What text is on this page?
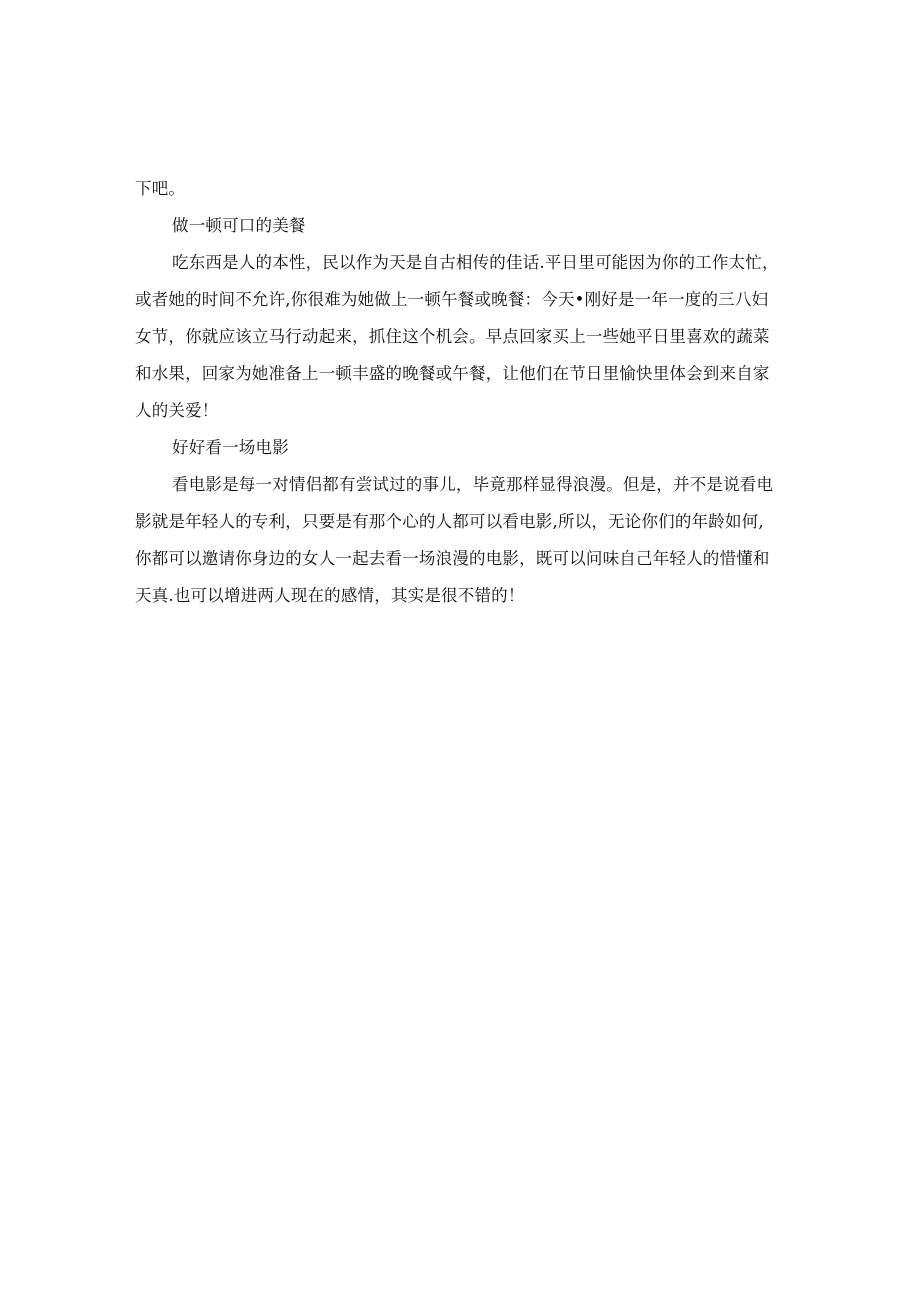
下吧。
做一顿可口的美餐
吃东西是人的本性，民以作为天是自古相传的佳话.平日里可能因为你的工作太忙，
或者她的时间不允许,你很难为她做上一顿午餐或晚餐：今天•刚好是一年一度的三八妇
女节，你就应该立马行动起来，抓住这个机会。早点回家买上一些她平日里喜欢的蔬菜
和水果，回家为她准备上一顿丰盛的晚餐或午餐，让他们在节日里愉快里体会到来自家
人的关爱！
好好看一场电影
看电影是每一对情侣都有尝试过的事儿，毕竟那样显得浪漫。但是，并不是说看电
影就是年轻人的专利，只要是有那个心的人都可以看电影,所以，无论你们的年龄如何,
你都可以邀请你身边的女人一起去看一场浪漫的电影，既可以问味自己年轻人的惜懂和
天真.也可以增进两人现在的感情，其实是很不错的！
